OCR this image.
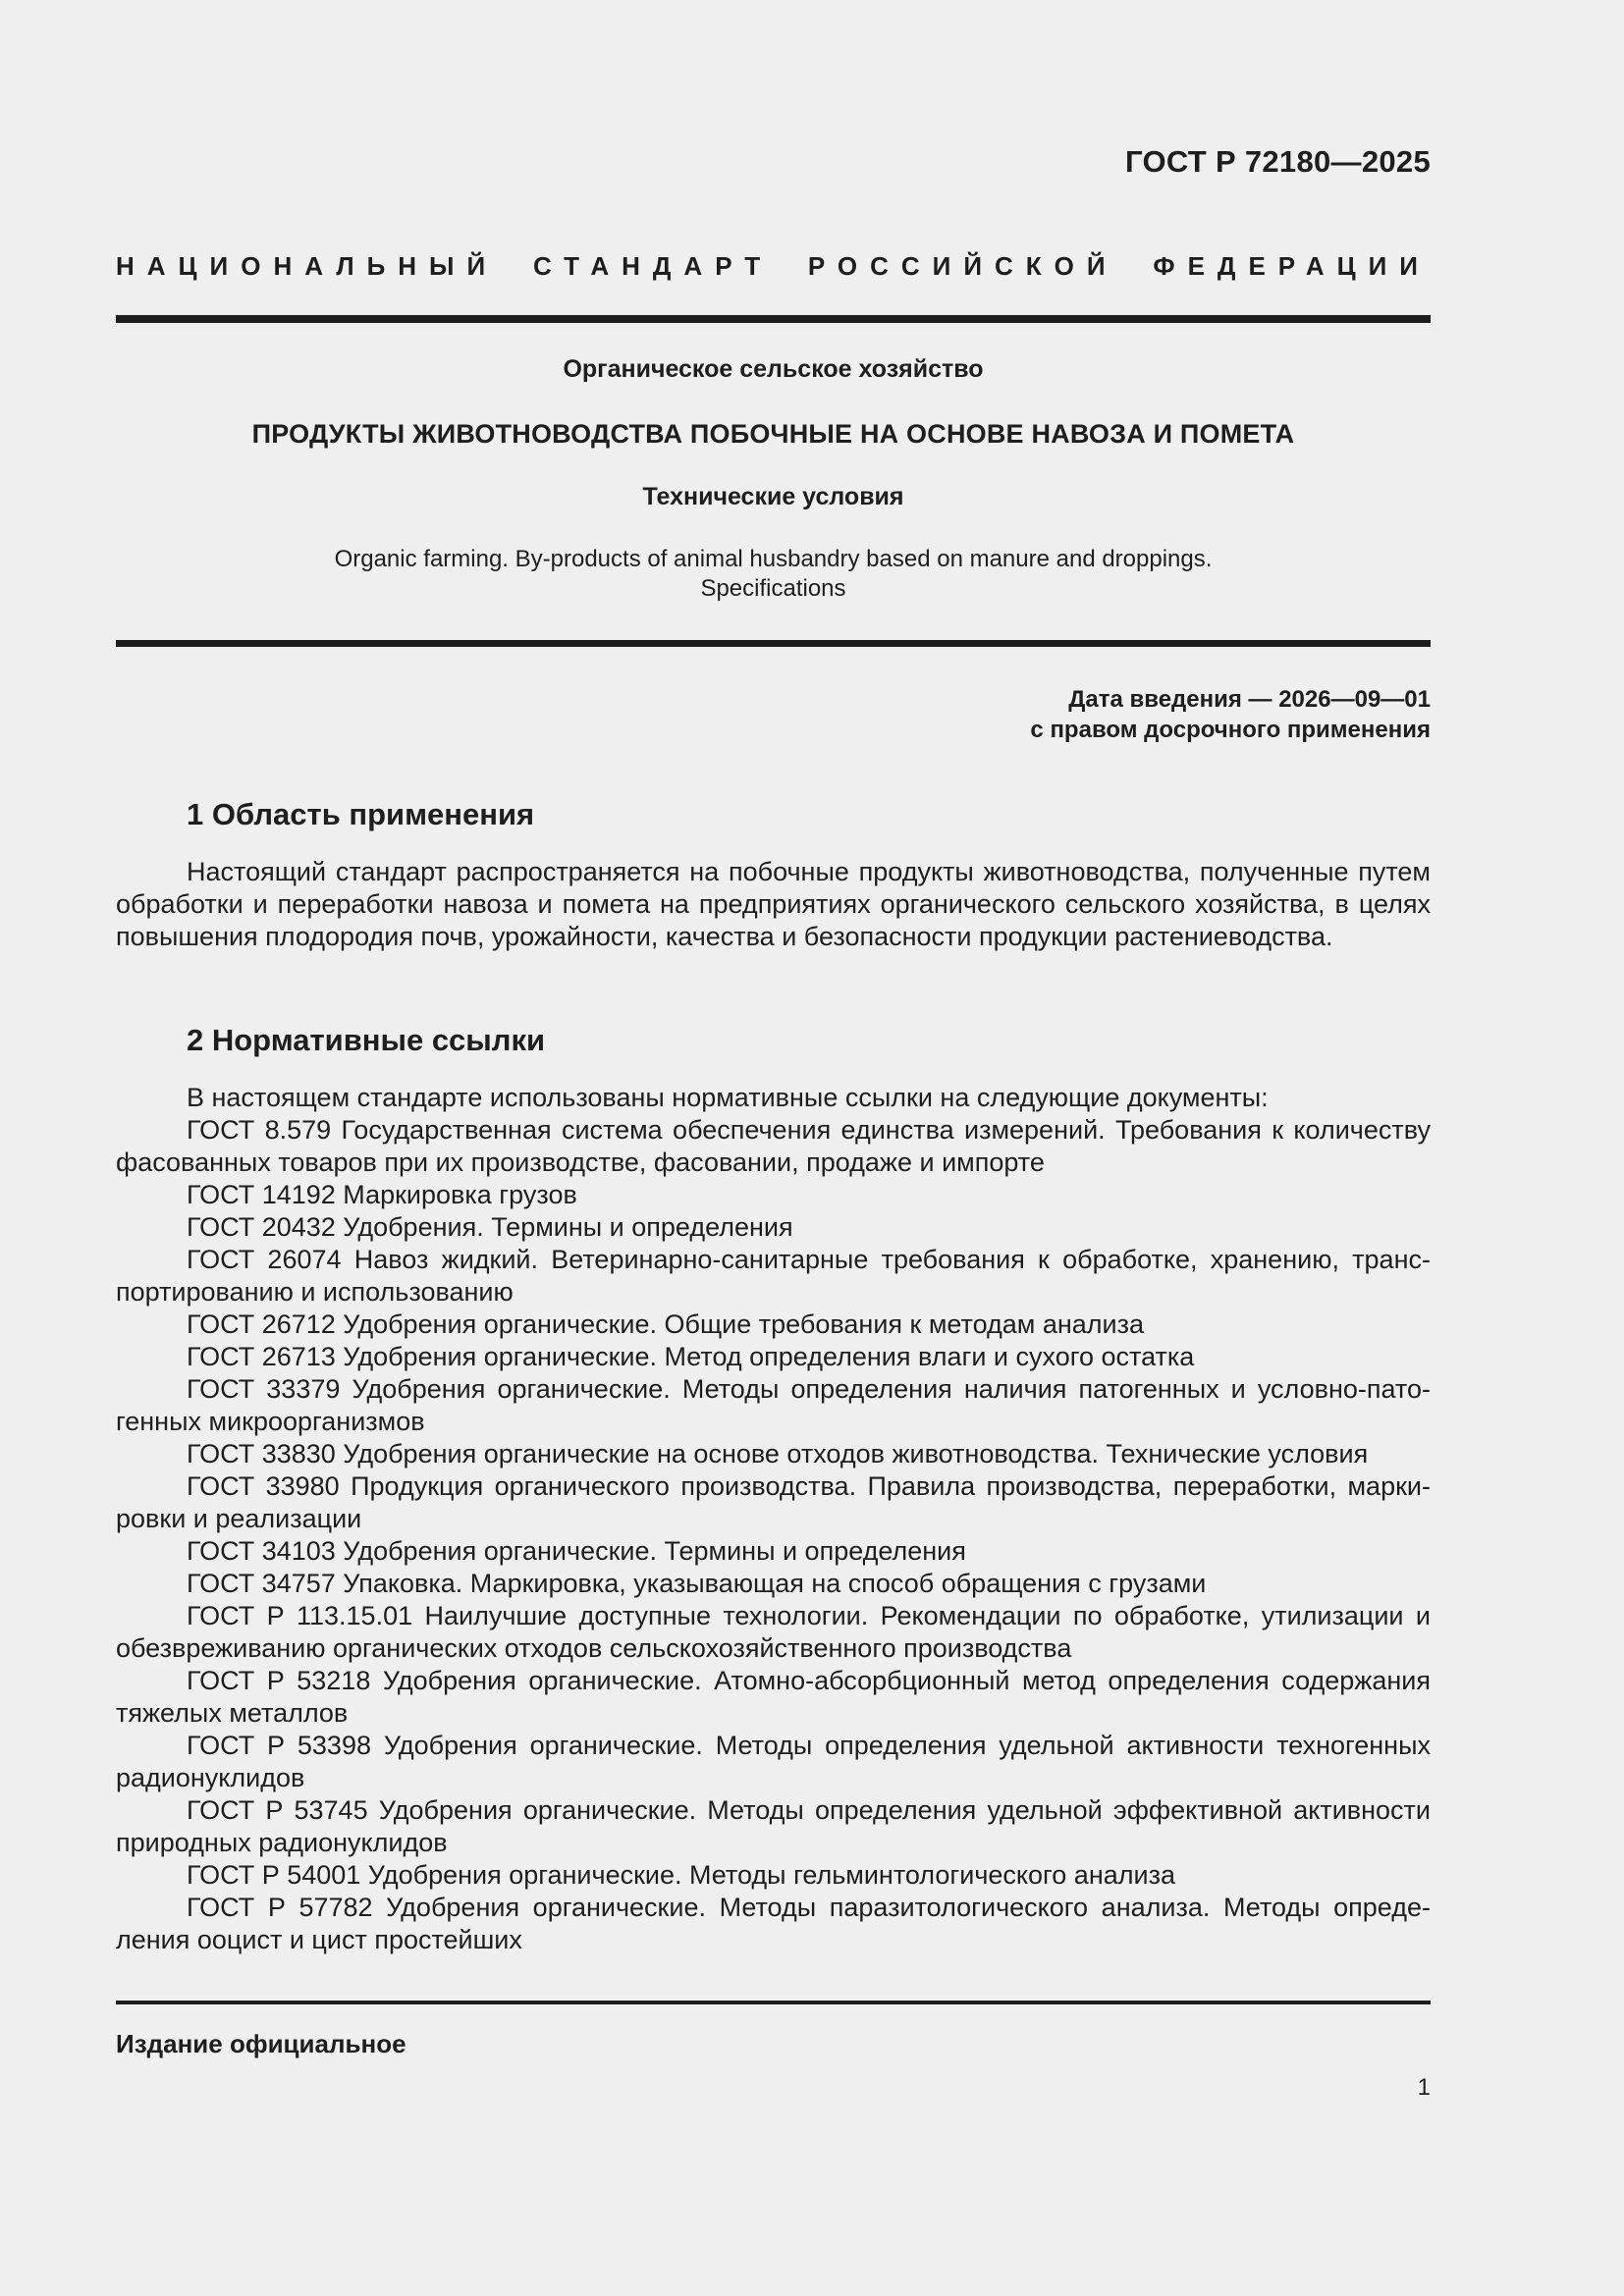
ГОСТ Р 72180—2025
НАЦИОНАЛЬНЫЙ СТАНДАРТ РОССИЙСКОЙ ФЕДЕРАЦИИ
Органическое сельское хозяйство
ПРОДУКТЫ ЖИВОТНОВОДСТВА ПОБОЧНЫЕ НА ОСНОВЕ НАВОЗА И ПОМЕТА
Технические условия
Organic farming. By-products of animal husbandry based on manure and droppings.
Specifications
Дата введения — 2026—09—01
с правом досрочного применения
1 Область применения

Настоящий стандарт распространяется на побочные продукты животноводства, полученные путем обработки и переработки навоза и помета на предприятиях органического сельского хозяйства, в целях повышения плодородия почв, урожайности, качества и безопасности продукции растениеводства.

2 Нормативные ссылки

В настоящем стандарте использованы нормативные ссылки на следующие документы:

ГОСТ 8.579 Государственная система обеспечения единства измерений. Требования к количеству фасованных товаров при их производстве, фасовании, продаже и импорте

ГОСТ 14192 Маркировка грузов

ГОСТ 20432 Удобрения. Термины и определения

ГОСТ 26074 Навоз жидкий. Ветеринарно-санитарные требования к обработке, хранению, транспортированию и использованию

ГОСТ 26712 Удобрения органические. Общие требования к методам анализа

ГОСТ 26713 Удобрения органические. Метод определения влаги и сухого остатка

ГОСТ 33379 Удобрения органические. Методы определения наличия патогенных и условно-патогенных микроорганизмов

ГОСТ 33830 Удобрения органические на основе отходов животноводства. Технические условия

ГОСТ 33980 Продукция органического производства. Правила производства, переработки, маркировки и реализации

ГОСТ 34103 Удобрения органические. Термины и определения

ГОСТ 34757 Упаковка. Маркировка, указывающая на способ обращения с грузами

ГОСТ Р 113.15.01 Наилучшие доступные технологии. Рекомендации по обработке, утилизации и обезвреживанию органических отходов сельскохозяйственного производства

ГОСТ Р 53218 Удобрения органические. Атомно-абсорбционный метод определения содержания тяжелых металлов

ГОСТ Р 53398 Удобрения органические. Методы определения удельной активности техногенных радионуклидов

ГОСТ Р 53745 Удобрения органические. Методы определения удельной эффективной активности природных радионуклидов

ГОСТ Р 54001 Удобрения органические. Методы гельминтологического анализа

ГОСТ Р 57782 Удобрения органические. Методы паразитологического анализа. Методы определения ооцист и цист простейших

Издание официальное
1
